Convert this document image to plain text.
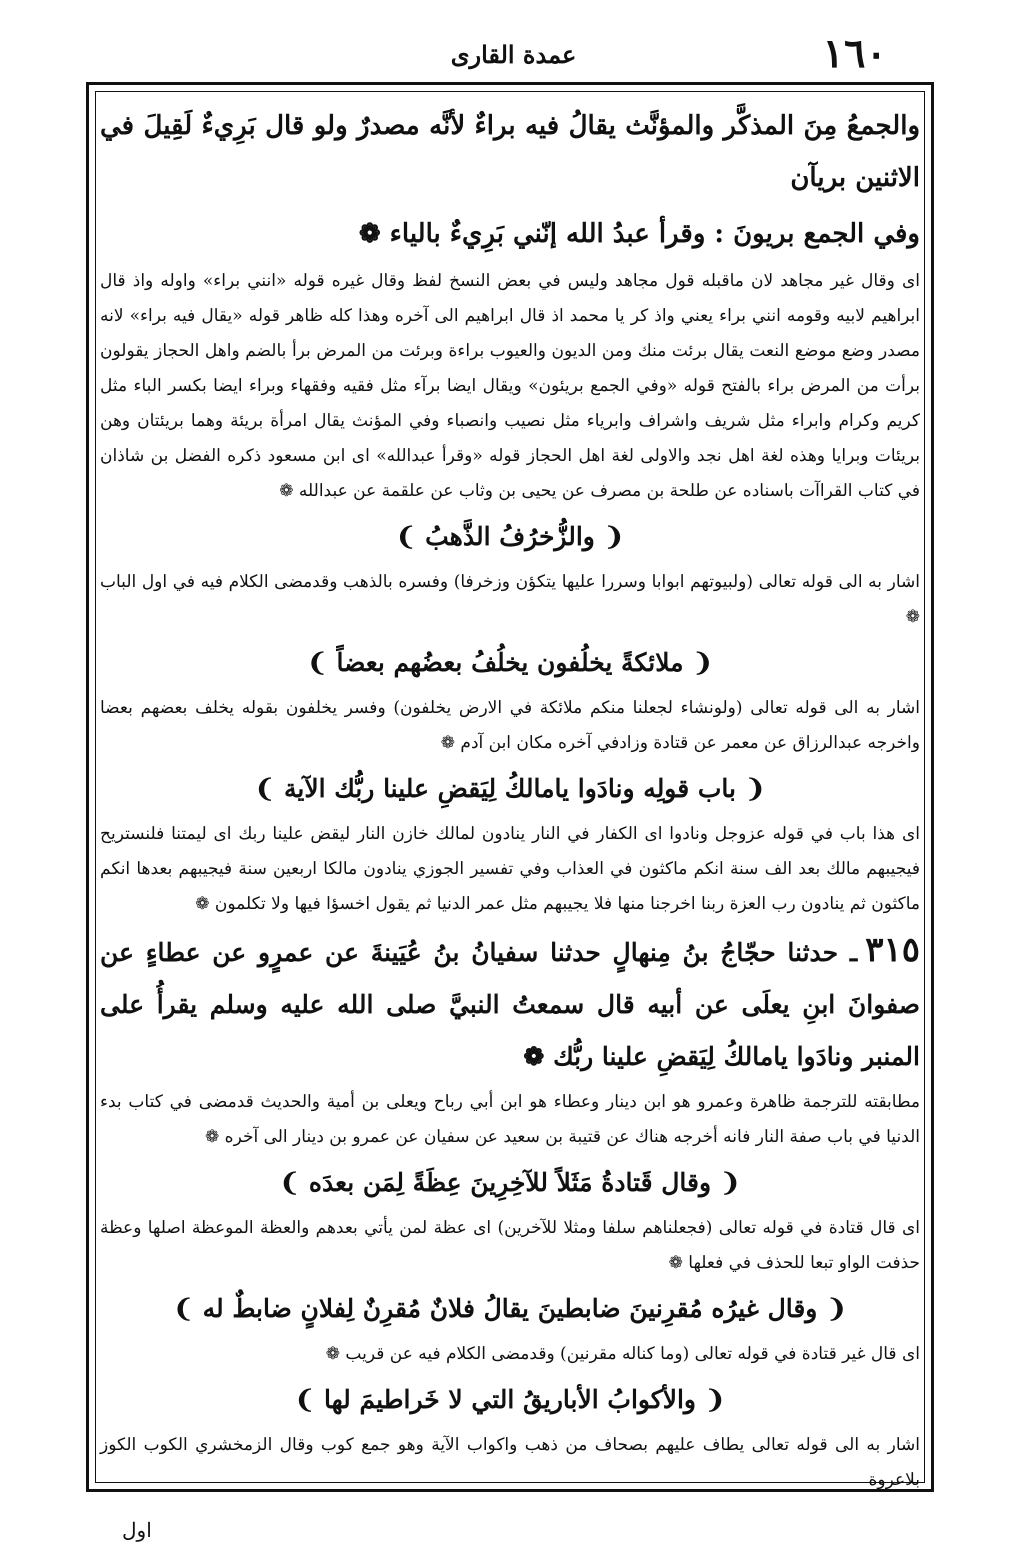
١٦٠
عمدة القاری

والجمعُ مِنَ المذكَّر والمؤنَّث يقالُ فيه براءٌ لأنَّه مصدرٌ ولو قال بَرِيءٌ لَقِيلَ في الاثنين بريآن

وفي الجمع بريونَ : وقرأ عبدُ الله إنّني بَرِيءٌ بالياء ❁

ای وقال غیر مجاهد لان ماقبله قول مجاهد وليس في بعض النسخ لفظ وقال غيره قوله «انني براء» واوله واذ قال ابراهيم لابيه وقومه انني براء يعني واذ كر يا محمد اذ قال ابراهيم الى آخره وهذا كله ظاهر قوله «يقال فيه براء» لانه مصدر وضع موضع النعت يقال برئت منك ومن الديون والعيوب براءة وبرئت من المرض برأ بالضم واهل الحجاز يقولون برأت من المرض براء بالفتح قوله «وفي الجمع بريئون» ويقال ايضا برآء مثل فقيه وفقهاء وبراء ايضا بكسر الباء مثل كريم وكرام وابراء مثل شريف واشراف وابرياء مثل نصيب وانصباء وفي المؤنث يقال امرأة بريئة وهما بريئتان وهن بريئات وبرايا وهذه لغة اهل نجد والاولى لغة اهل الحجاز قوله «وقرأ عبدالله» اى ابن مسعود ذكره الفضل بن شاذان في كتاب القراآت باسناده عن طلحة بن مصرف عن يحيى بن وثاب عن علقمة عن عبدالله ❁

❨ والزُّخرُفُ الذَّهبُ ❩

اشار به الى قوله تعالى (ولبيوتهم ابوابا وسررا عليها يتكؤن وزخرفا) وفسره بالذهب وقدمضى الكلام فيه في اول الباب ❁

❨ ملائكةً يخلُفون يخلُفُ بعضُهم بعضاً ❩

اشار به الى قوله تعالى (ولونشاء لجعلنا منكم ملائكة في الارض يخلفون) وفسر يخلفون بقوله يخلف بعضهم بعضا واخرجه عبدالرزاق عن معمر عن قتادة وزادفي آخره مكان ابن آدم ❁

❨ باب قولِه ونادَوا يامالكُ لِيَقضِ علينا ربُّك الآية ❩

اى هذا باب في قوله عزوجل ونادوا اى الكفار في النار ينادون لمالك خازن النار ليقض علينا ربك اى ليمتنا فلنستريح فيجيبهم مالك بعد الف سنة انكم ماكثون في العذاب وفي تفسير الجوزي ينادون مالكا اربعين سنة فيجيبهم بعدها انكم ماكثون ثم ينادون رب العزة ربنا اخرجنا منها فلا يجيبهم مثل عمر الدنيا ثم يقول اخسؤا فيها ولا تكلمون ❁

٣١٥ـ حدثنا حجّاجُ بنُ مِنهالٍ حدثنا سفيانُ بنُ عُيَينةَ عن عمرٍو عن عطاءٍ عن صفوانَ ابنِ يعلَى عن أبيه قال سمعتُ النبيَّ صلى الله عليه وسلم يقرأُ على المنبر ونادَوا يامالكُ لِيَقضِ علينا ربُّك ❁

مطابقته للترجمة ظاهرة وعمرو هو ابن دينار وعطاء هو ابن أبي رباح ويعلى بن أمية والحديث قدمضى في كتاب بدء الدنيا في باب صفة النار فانه أخرجه هناك عن قتيبة بن سعيد عن سفيان عن عمرو بن دينار الى آخره ❁

❨ وقال قَتادةُ مَثَلاً للآخِرِينَ عِظَةً لِمَن بعدَه ❩

اى قال قتادة في قوله تعالى (فجعلناهم سلفا ومثلا للآخرين) اى عظة لمن يأتي بعدهم والعظة الموعظة اصلها وعظة حذفت الواو تبعا للحذف في فعلها ❁

❨ وقال غيرُه مُقرِنينَ ضابطينَ يقالُ فلانٌ مُقرِنٌ لِفلانٍ ضابطٌ له ❩

اى قال غير قتادة في قوله تعالى (وما كناله مقرنين) وقدمضى الكلام فيه عن قريب ❁

❨ والأكوابُ الأباريقُ التي لا خَراطيمَ لها ❩

اشار به الى قوله تعالى يطاف عليهم بصحاف من ذهب واكواب الآية وهو جمع كوب وقال الزمخشري الكوب الكوز بلاعروة

اول
